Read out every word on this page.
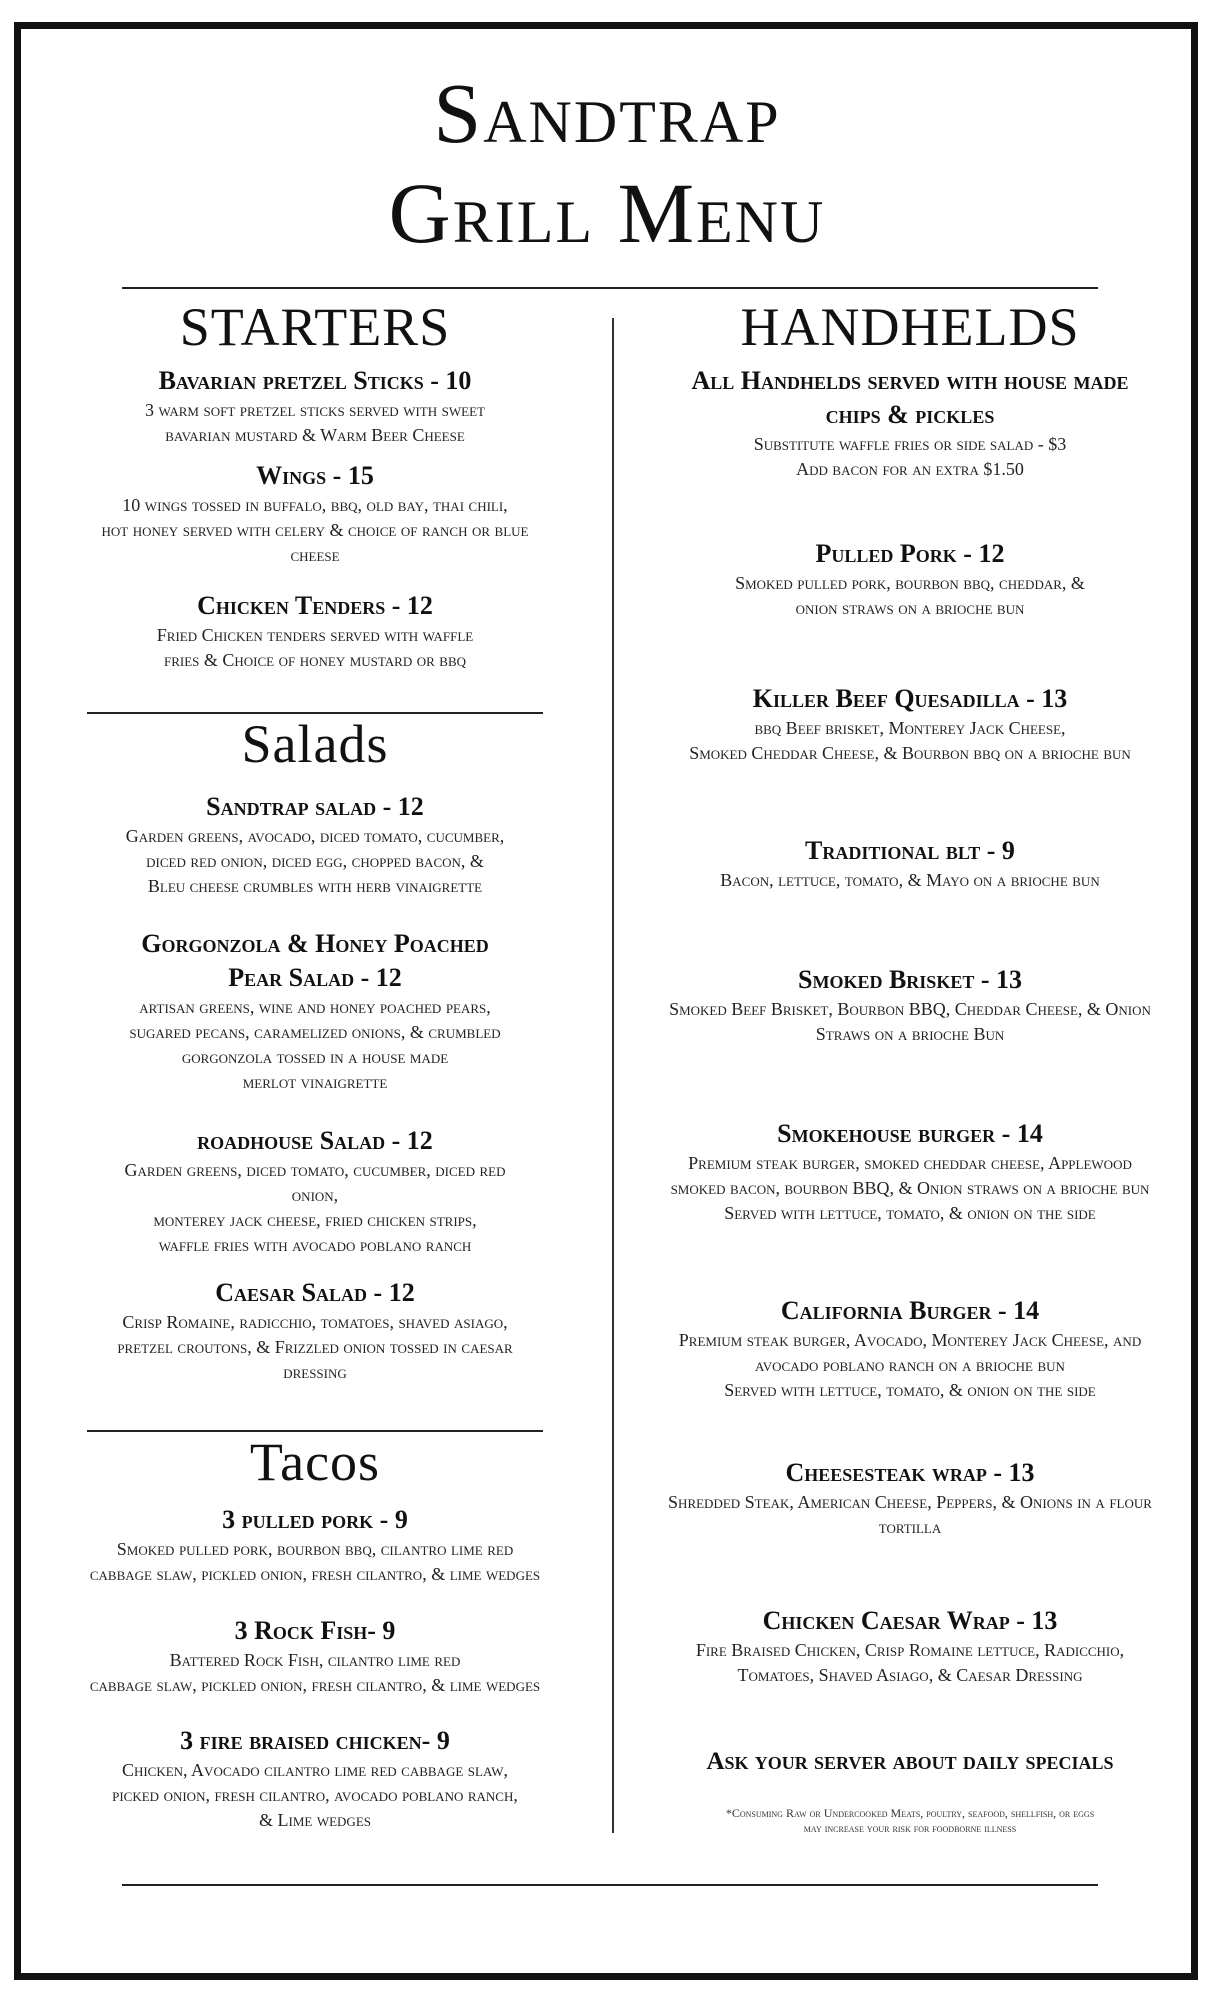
Sandtrap
Grill Menu
STARTERS
Bavarian pretzel Sticks - 10
3 warm soft pretzel sticks served with sweet
bavarian mustard & Warm Beer Cheese
Wings - 15
10 wings tossed in buffalo, bbq, old bay, thai chili,
hot honey served with celery & choice of ranch or blue
cheese
Chicken Tenders - 12
Fried Chicken tenders served with waffle
fries & Choice of honey mustard or bbq
Salads
Sandtrap salad - 12
Garden greens, avocado, diced tomato, cucumber,
diced red onion, diced egg, chopped bacon, &
Bleu cheese crumbles with herb vinaigrette
Gorgonzola & Honey Poached
Pear Salad - 12
artisan greens, wine and honey poached pears,
sugared pecans, caramelized onions, & crumbled
gorgonzola tossed in a house made
merlot vinaigrette
roadhouse Salad - 12
Garden greens, diced tomato, cucumber, diced red
onion,
monterey jack cheese, fried chicken strips,
waffle fries with avocado poblano ranch
Caesar Salad - 12
Crisp Romaine, radicchio, tomatoes, shaved asiago,
pretzel croutons, & Frizzled onion tossed in caesar
dressing
Tacos
3 pulled pork - 9
Smoked pulled pork, bourbon bbq, cilantro lime red
cabbage slaw, pickled onion, fresh cilantro, & lime wedges
3 Rock Fish- 9
Battered Rock Fish, cilantro lime red
cabbage slaw, pickled onion, fresh cilantro, & lime wedges
3 fire braised chicken- 9
Chicken, Avocado cilantro lime red cabbage slaw,
picked onion, fresh cilantro, avocado poblano ranch,
& Lime wedges
HANDHELDS
All Handhelds served with house made
chips & pickles
Substitute waffle fries or side salad - $3
Add bacon for an extra $1.50
Pulled Pork - 12
Smoked pulled pork, bourbon bbq, cheddar, &
onion straws on a brioche bun
Killer Beef Quesadilla - 13
bbq Beef brisket, Monterey Jack Cheese,
Smoked Cheddar Cheese, & Bourbon bbq on a brioche bun
Traditional blt - 9
Bacon, lettuce, tomato, & Mayo on a brioche bun
Smoked Brisket - 13
Smoked Beef Brisket, Bourbon BBQ, Cheddar Cheese, & Onion
Straws on a brioche Bun
Smokehouse burger - 14
Premium steak burger, smoked cheddar cheese, Applewood
smoked bacon, bourbon BBQ, & Onion straws on a brioche bun
Served with lettuce, tomato, & onion on the side
California Burger - 14
Premium steak burger, Avocado, Monterey Jack Cheese, and
avocado poblano ranch on a brioche bun
Served with lettuce, tomato, & onion on the side
Cheesesteak wrap - 13
Shredded Steak, American Cheese, Peppers, & Onions in a flour
tortilla
Chicken Caesar Wrap - 13
Fire Braised Chicken, Crisp Romaine lettuce, Radicchio,
Tomatoes, Shaved Asiago, & Caesar Dressing
Ask your server about daily specials
*Consuming Raw or Undercooked Meats, poultry, seafood, shellfish, or eggs
may increase your risk for foodborne illness
